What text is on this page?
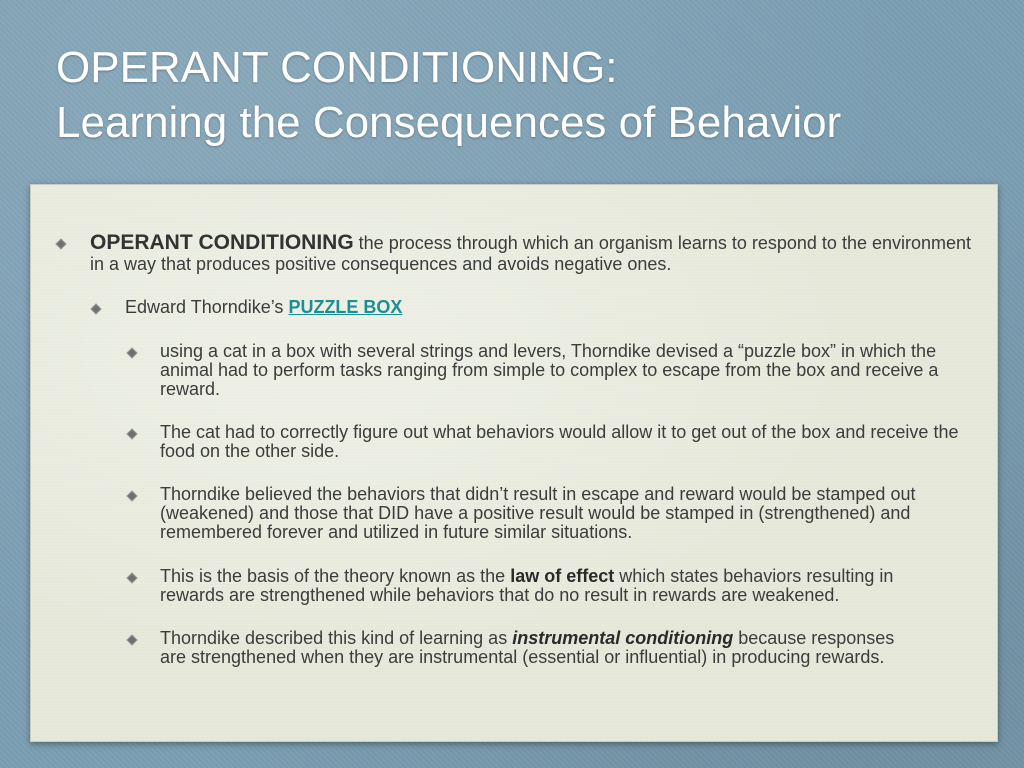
OPERANT CONDITIONING:
Learning the Consequences of Behavior
OPERANT CONDITIONING the process through which an organism learns to respond to the environment in a way that produces positive consequences and avoids negative ones.
Edward Thorndike’s PUZZLE BOX
using a cat in a box with several strings and levers, Thorndike devised a “puzzle box” in which the animal had to perform tasks ranging from simple to complex to escape from the box and receive a reward.
The cat had to correctly figure out what behaviors would allow it to get out of the box and receive the food on the other side.
Thorndike believed the behaviors that didn’t result in escape and reward would be stamped out (weakened) and those that DID have a positive result would be stamped in (strengthened) and remembered forever and utilized in future similar situations.
This is the basis of the theory known as the law of effect which states behaviors resulting in rewards are strengthened while behaviors that do no result in rewards are weakened.
Thorndike described this kind of learning as instrumental conditioning because responses are strengthened when they are instrumental (essential or influential) in producing rewards.
